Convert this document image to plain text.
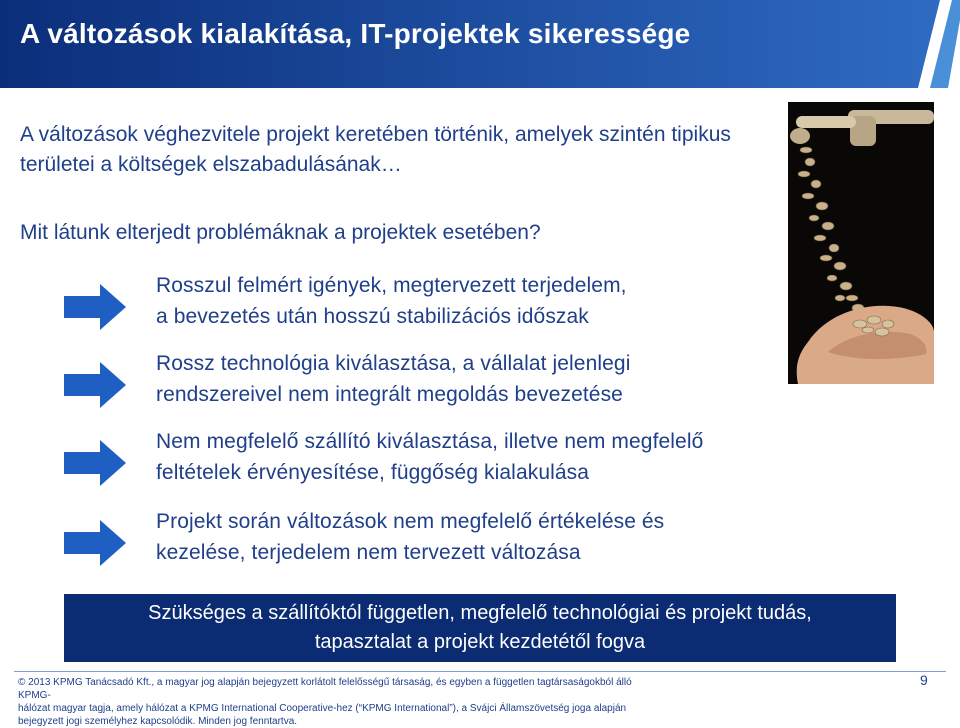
A változások kialakítása, IT-projektek sikeressége
A változások véghezvitele projekt keretében történik, amelyek szintén tipikus területei a költségek elszabadulásának…
Mit látunk elterjedt problémáknak a projektek esetében?
Rosszul felmért igények, megtervezett terjedelem,
a bevezetés után hosszú stabilizációs időszak
Rossz technológia kiválasztása, a vállalat jelenlegi
rendszereivel nem integrált megoldás bevezetése
Nem megfelelő szállító kiválasztása, illetve nem megfelelő
feltételek érvényesítése, függőség kialakulása
Projekt során változások nem megfelelő értékelése és
kezelése, terjedelem nem tervezett változása
Szükséges a szállítóktól független, megfelelő technológiai és projekt tudás,
tapasztalat a projekt kezdetétől fogva
© 2013 KPMG Tanácsadó Kft., a magyar jog alapján bejegyzett korlátolt felelősségű társaság, és egyben a független tagtársaságokból álló KPMG-
hálózat magyar tagja, amely hálózat a KPMG International Cooperative-hez (“KPMG International”), a Svájci Államszövetség joga alapján
bejegyzett jogi személyhez kapcsolódik. Minden jog fenntartva.
9
